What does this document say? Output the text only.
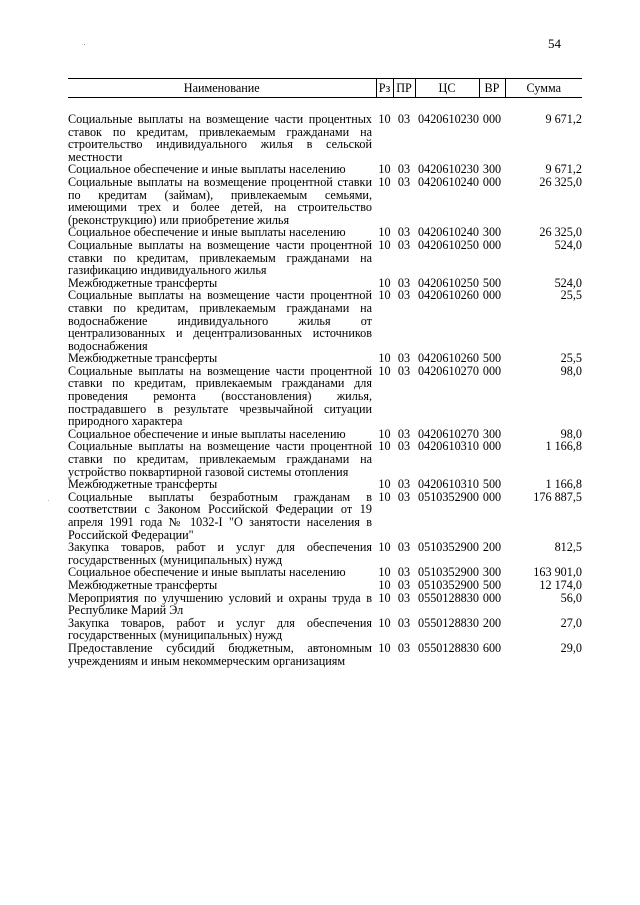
54
Наименование	Рз	ПР	ЦС	ВР	Сумма

Социальные выплаты на возмещение части процентных ставок по кредитам, привлекаемым гражданами на строительство индивидуального жилья в сельской местности	10	03	0420610230	000	9 671,2
Социальное обеспечение и иные выплаты населению	10	03	0420610230	300	9 671,2
Социальные выплаты на возмещение процентной ставки по кредитам (займам), привлекаемым семьями, имеющими трех и более детей, на строительство (реконструкцию) или приобретение жилья	10	03	0420610240	000	26 325,0
Социальное обеспечение и иные выплаты населению	10	03	0420610240	300	26 325,0
Социальные выплаты на возмещение части процентной ставки по кредитам, привлекаемым гражданами на газификацию индивидуального жилья	10	03	0420610250	000	524,0
Межбюджетные трансферты	10	03	0420610250	500	524,0
Социальные выплаты на возмещение части процентной ставки по кредитам, привлекаемым гражданами на водоснабжение индивидуального жилья от централизованных и децентрализованных источников водоснабжения	10	03	0420610260	000	25,5
Межбюджетные трансферты	10	03	0420610260	500	25,5
Социальные выплаты на возмещение части процентной ставки по кредитам, привлекаемым гражданами для проведения ремонта (восстановления) жилья, пострадавшего в результате чрезвычайной ситуации природного характера	10	03	0420610270	000	98,0
Социальное обеспечение и иные выплаты населению	10	03	0420610270	300	98,0
Социальные выплаты на возмещение части процентной ставки по кредитам, привлекаемым гражданами на устройство поквартирной газовой системы отопления	10	03	0420610310	000	1 166,8
Межбюджетные трансферты	10	03	0420610310	500	1 166,8
Социальные выплаты безработным гражданам в соответствии с Законом Российской Федерации от 19 апреля 1991 года № 1032-I "О занятости населения в Российской Федерации"	10	03	0510352900	000	176 887,5
Закупка товаров, работ и услуг для обеспечения государственных (муниципальных) нужд	10	03	0510352900	200	812,5
Социальное обеспечение и иные выплаты населению	10	03	0510352900	300	163 901,0
Межбюджетные трансферты	10	03	0510352900	500	12 174,0
Мероприятия по улучшению условий и охраны труда в Республике Марий Эл	10	03	0550128830	000	56,0
Закупка товаров, работ и услуг для обеспечения государственных (муниципальных) нужд	10	03	0550128830	200	27,0
Предоставление субсидий бюджетным, автономным учреждениям и иным некоммерческим организациям	10	03	0550128830	600	29,0
